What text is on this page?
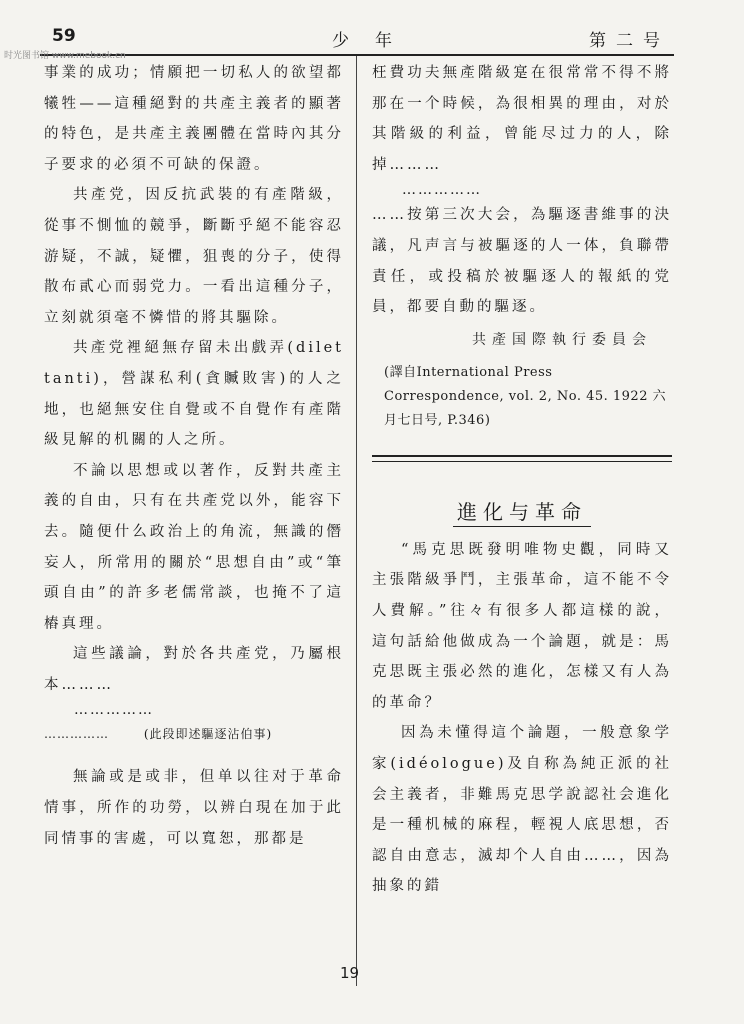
59	少年	第二号
时光图书馆 www.mebook.cn

事業的成功；情願把一切私人的欲望都犧牲——這種絕對的共產主義者的顯著的特色，是共產主義團體在當時內其分子要求的必須不可缺的保證。

共產党，因反抗武裝的有產階級，從事不惻恤的競爭，斷斷乎絕不能容忍游疑，不誠，疑懼，狙喪的分子，使得散布貳心而弱党力。一看出這種分子，立刻就須毫不憐惜的將其驅除。

共產党裡絕無存留未出戲弄(dilettanti)，營謀私利(貪贓敗害)的人之地，也絕無安住自覺或不自覺作有產階級見解的机關的人之所。

不論以思想或以著作，反對共產主義的自由，只有在共產党以外，能容下去。隨便什么政治上的角流，無識的僭妄人，所常用的關於“思想自由”或“筆頭自由”的許多老儒常談，也掩不了這樁真理。

這些議論，對於各共產党，乃屬根本………

……………
……………	(此段即述驅逐沾伯事)

無論或是或非，但单以往对于革命情事，所作的功勞，以辨白現在加于此同情事的害處，可以寬恕，那都是

枉費功夫無產階級寔在很常常不得不將那在一个時候，為很相異的理由，对於其階級的利益，曾能尽过力的人，除掉………

……………

……按第三次大会，為驅逐書維事的決議，凡声言与被驅逐的人一体，負聯帶責任，或投稿於被驅逐人的報紙的党員，都要自動的驅逐。

共產国際執行委員会
(譯自International Press Correspondence, vol. 2, No. 45. 1922 六月七日号, P.346)
進化与革命

“馬克思既發明唯物史觀，同時又主張階級爭鬥，主張革命，這不能不令人費解。”往々有很多人都這樣的說，這句話給他做成為一个論題，就是：馬克思既主張必然的進化，怎樣又有人為的革命？

因為未懂得這个論題，一般意象学家(idéologue)及自称為純正派的社会主義者，非難馬克思学說認社会進化是一種机械的麻程，輕視人底思想，否認自由意志，滅却个人自由……，因為抽象的錯

19
